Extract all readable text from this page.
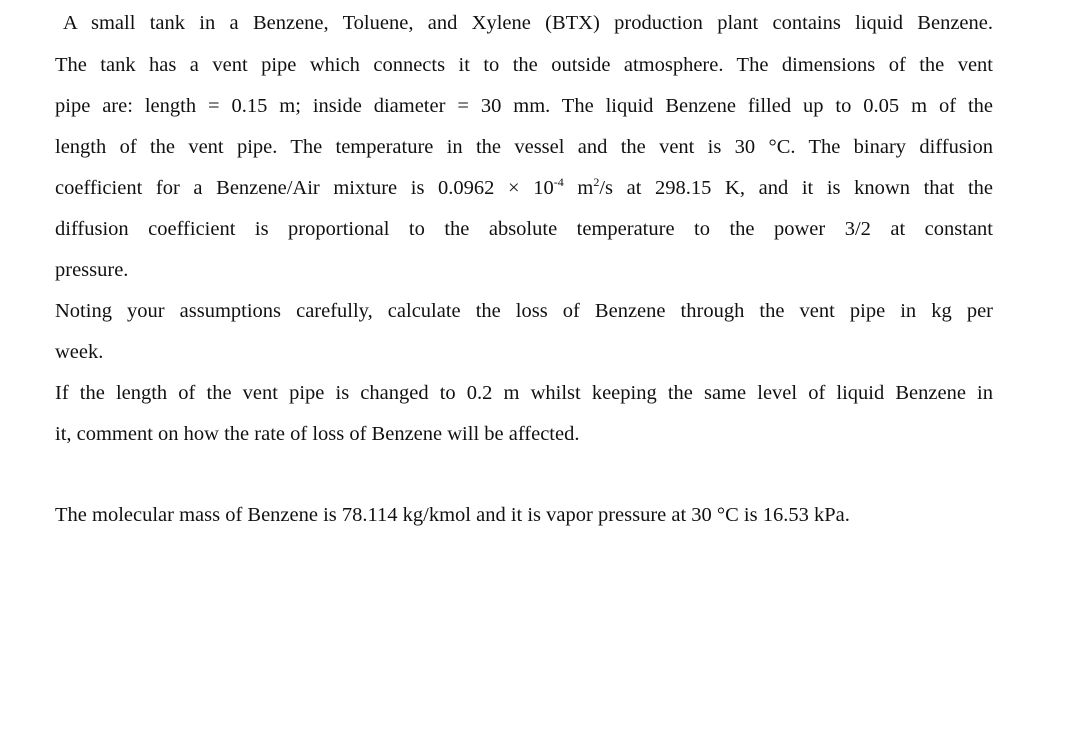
A small tank in a Benzene, Toluene, and Xylene (BTX) production plant contains liquid Benzene.
The tank has a vent pipe which connects it to the outside atmosphere. The dimensions of the vent
pipe are: length = 0.15 m; inside diameter = 30 mm. The liquid Benzene filled up to 0.05 m of the
length of the vent pipe. The temperature in the vessel and the vent is 30 °C. The binary diffusion
coefficient for a Benzene/Air mixture is $0.0962 \times 10^{-4}$ $m^2/s$ at 298.15 K, and it is known that the
diffusion coefficient is proportional to the absolute temperature to the power 3/2 at constant
pressure.
Noting your assumptions carefully, calculate the loss of Benzene through the vent pipe in kg per
week.
If the length of the vent pipe is changed to 0.2 m whilst keeping the same level of liquid Benzene in
it, comment on how the rate of loss of Benzene will be affected.
The molecular mass of Benzene is 78.114 kg/kmol and it is vapor pressure at 30 °C is 16.53 kPa.
